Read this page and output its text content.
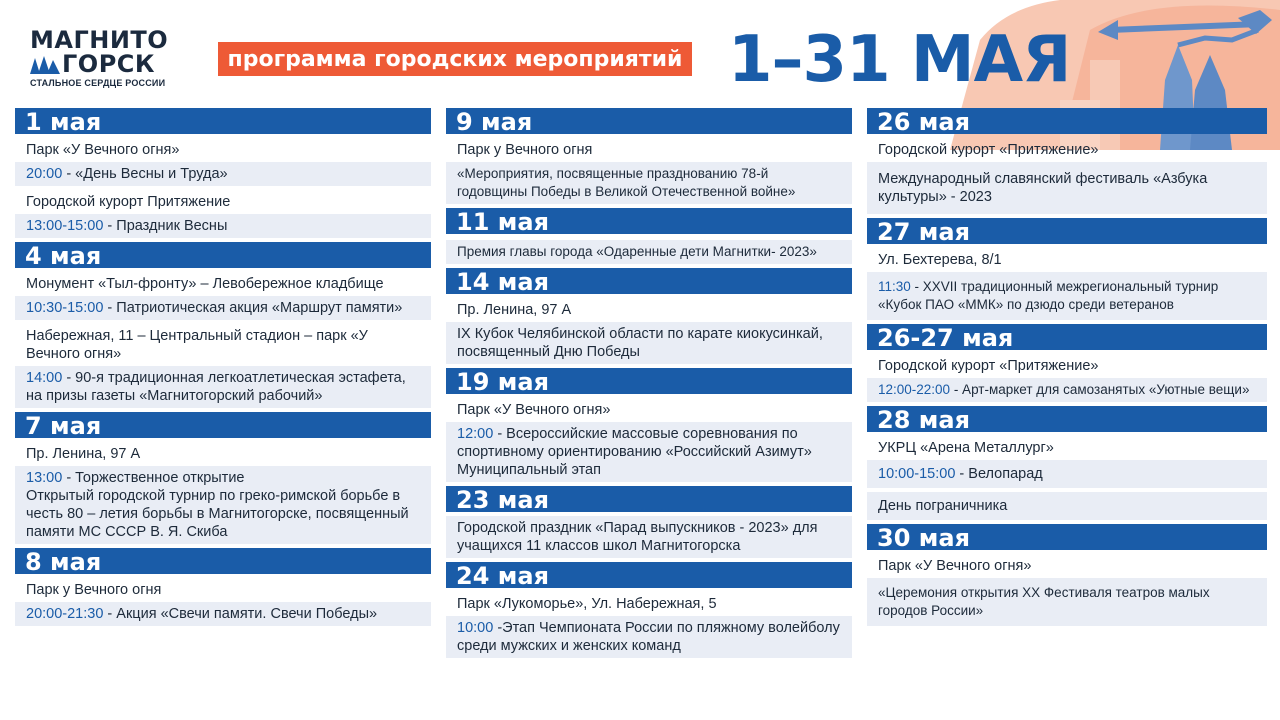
МАГНИТО
ГОРСК
СТАЛЬНОЕ СЕРДЦЕ РОССИИ
программа городских мероприятий 1–31 МАЯ
1 мая
Парк «У Вечного огня»
20:00 - «День Весны и Труда»
Городской курорт Притяжение
13:00-15:00 - Праздник Весны
4 мая
Монумент «Тыл-фронту» – Левобережное кладбище
10:30-15:00 - Патриотическая акция «Маршрут памяти»
Набережная, 11 – Центральный стадион – парк «У Вечного огня»
14:00 - 90-я традиционная легкоатлетическая эстафета, на призы газеты «Магнитогорский рабочий»
7 мая
Пр. Ленина, 97 А
13:00 - Торжественное открытие
Открытый городской турнир по греко-римской борьбе в честь 80 – летия борьбы в Магнитогорске, посвященный памяти МС СССР В. Я. Скиба
8 мая
Парк у Вечного огня
20:00-21:30 - Акция «Свечи памяти. Свечи Победы»
9 мая
Парк у Вечного огня
«Мероприятия, посвященные празднованию 78-й годовщины Победы в Великой Отечественной войне»
11 мая
Премия главы города «Одаренные дети Магнитки- 2023»
14 мая
Пр. Ленина, 97 А
IX Кубок Челябинской области по карате киокусинкай, посвященный Дню Победы
19 мая
Парк «У Вечного огня»
12:00 - Всероссийские массовые соревнования по спортивному ориентированию «Российский Азимут» Муниципальный этап
23 мая
Городской праздник «Парад выпускников - 2023» для учащихся 11 классов школ Магнитогорска
24 мая
Парк «Лукоморье», Ул. Набережная, 5
10:00 -Этап Чемпионата России по пляжному волейболу среди мужских и женских команд
26 мая
Городской курорт «Притяжение»
Международный славянский фестиваль «Азбука культуры» - 2023
27 мая
Ул. Бехтерева, 8/1
11:30 - XXVII традиционный межрегиональный турнир «Кубок ПАО «ММК» по дзюдо среди ветеранов
26-27 мая
Городской курорт «Притяжение»
12:00-22:00 - Арт-маркет для самозанятых «Уютные вещи»
28 мая
УКРЦ «Арена Металлург»
10:00-15:00 - Велопарад
День пограничника
30 мая
Парк «У Вечного огня»
«Церемония открытия XX Фестиваля театров малых городов России»
